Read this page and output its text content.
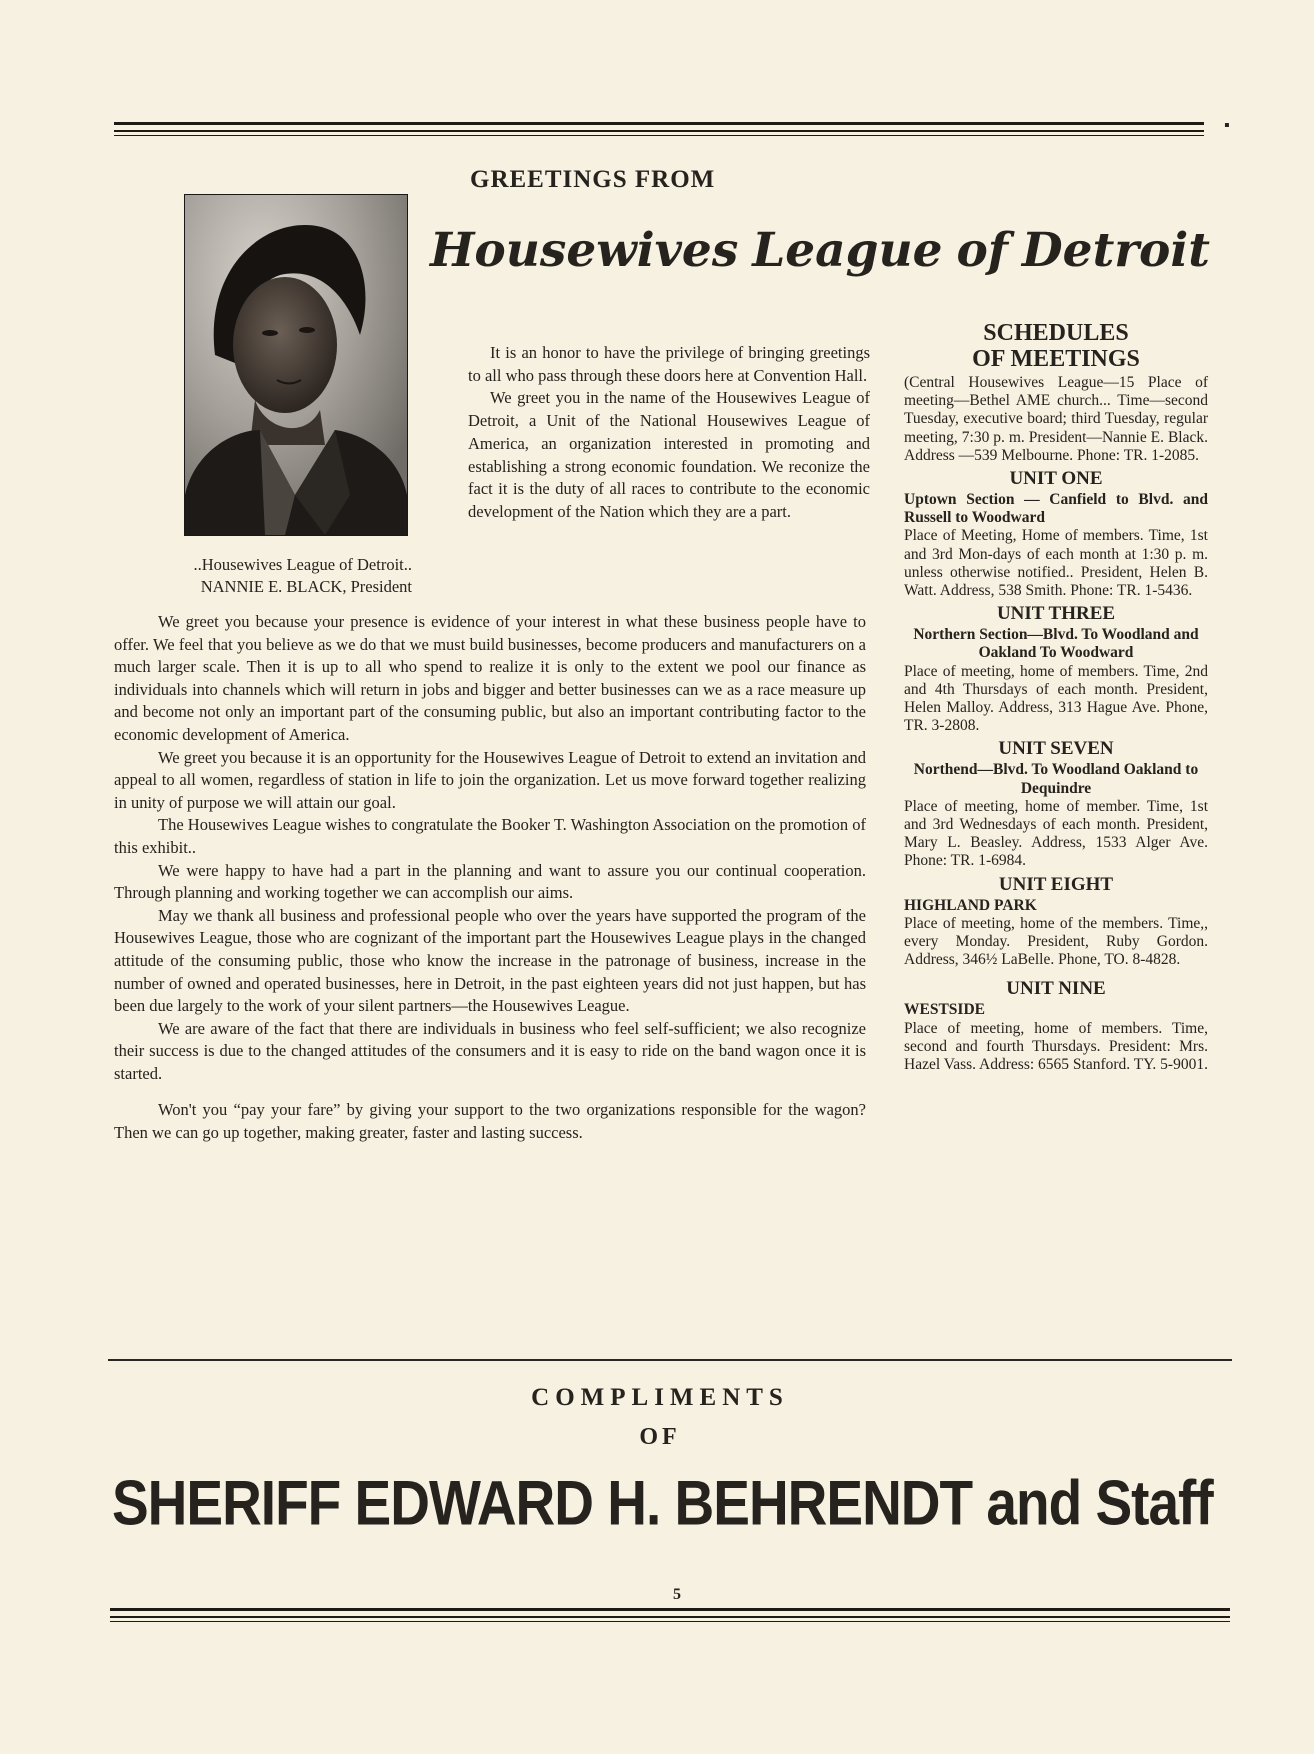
▪
GREETINGS FROM
Housewives League of Detroit

..Housewives League of Detroit..
NANNIE E. BLACK, President

It is an honor to have the privilege of bringing greetings to all who pass through these doors here at Convention Hall.

We greet you in the name of the Housewives League of Detroit, a Unit of the National Housewives League of America, an organization interested in promoting and establishing a strong economic foundation. We reconize the fact it is the duty of all races to contribute to the economic development of the Nation which they are a part.

We greet you because your presence is evidence of your interest in what these business people have to offer. We feel that you believe as we do that we must build businesses, become producers and manufacturers on a much larger scale. Then it is up to all who spend to realize it is only to the extent we pool our finance as individuals into channels which will return in jobs and bigger and better businesses can we as a race measure up and become not only an important part of the consuming public, but also an important contributing factor to the economic development of America.

We greet you because it is an opportunity for the Housewives League of Detroit to extend an invitation and appeal to all women, regardless of station in life to join the organization. Let us move forward together realizing in unity of purpose we will attain our goal.

The Housewives League wishes to congratulate the Booker T. Washington Association on the promotion of this exhibit..

We were happy to have had a part in the planning and want to assure you our continual cooperation. Through planning and working together we can accomplish our aims.

May we thank all business and professional people who over the years have supported the program of the Housewives League, those who are cognizant of the important part the Housewives League plays in the changed attitude of the consuming public, those who know the increase in the patronage of business, increase in the number of owned and operated businesses, here in Detroit, in the past eighteen years did not just happen, but has been due largely to the work of your silent partners—the Housewives League.

We are aware of the fact that there are individuals in business who feel self-sufficient; we also recognize their success is due to the changed attitudes of the consumers and it is easy to ride on the band wagon once it is started.

Won't you “pay your fare” by giving your support to the two organizations responsible for the wagon? Then we can go up together, making greater, faster and lasting success.

SCHEDULES
OF MEETINGS

(Central Housewives League—15 Place of meeting—Bethel AME church... Time—second Tuesday, executive board; third Tuesday, regular meeting, 7:30 p. m. President—Nannie E. Black. Address —539 Melbourne. Phone: TR. 1-2085.

UNIT ONE

Uptown Section — Canfield to Blvd. and Russell to Woodward

Place of Meeting, Home of members. Time, 1st and 3rd Mon-days of each month at 1:30 p. m. unless otherwise notified.. President, Helen B. Watt. Address, 538 Smith. Phone: TR. 1-5436.

UNIT THREE

Northern Section—Blvd. To Woodland and Oakland To Woodward

Place of meeting, home of members. Time, 2nd and 4th Thursdays of each month. President, Helen Malloy. Address, 313 Hague Ave. Phone, TR. 3-2808.

UNIT SEVEN

Northend—Blvd. To Woodland Oakland to Dequindre

Place of meeting, home of member. Time, 1st and 3rd Wednesdays of each month. President, Mary L. Beasley. Address, 1533 Alger Ave. Phone: TR. 1-6984.

UNIT EIGHT

HIGHLAND PARK

Place of meeting, home of the members. Time,, every Monday. President, Ruby Gordon. Address, 346½ LaBelle. Phone, TO. 8-4828.

UNIT NINE

WESTSIDE

Place of meeting, home of members. Time, second and fourth Thursdays. President: Mrs. Hazel Vass. Address: 6565 Stanford. TY. 5-9001.

COMPLIMENTS

OF

SHERIFF EDWARD H. BEHRENDT and Staff

5
